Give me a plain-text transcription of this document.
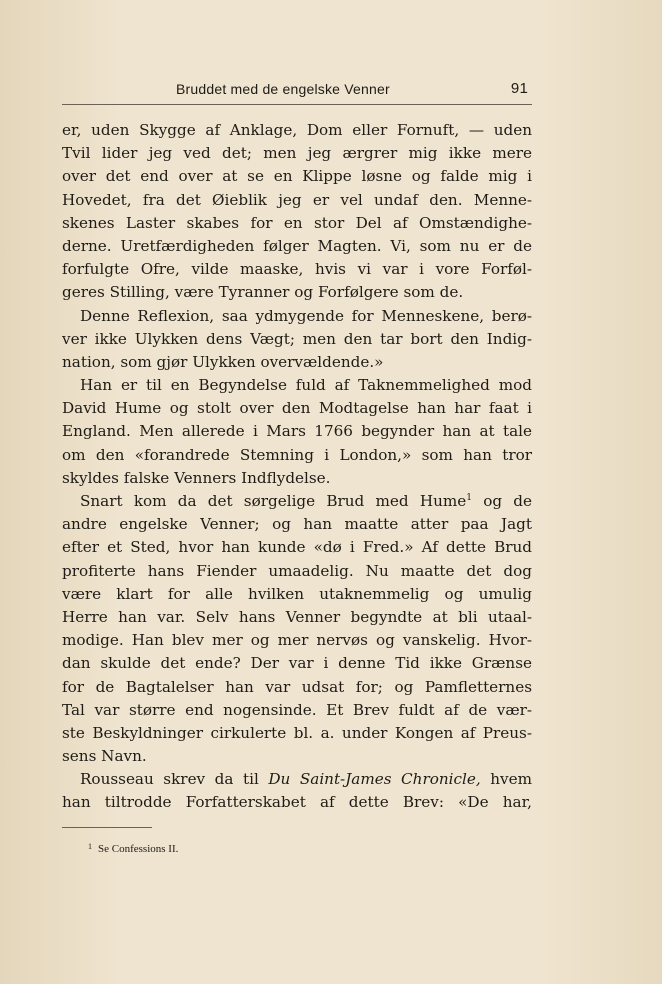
Bruddet med de engelske Venner	91
er, uden Skygge af Anklage, Dom eller Fornuft, — uden
Tvil lider jeg ved det; men jeg ærgrer mig ikke mere
over det end over at se en Klippe løsne og falde mig i
Hovedet, fra det Øieblik jeg er vel undaf den. Menne-
skenes Laster skabes for en stor Del af Omstændighe-
derne. Uretfærdigheden følger Magten. Vi, som nu er de
forfulgte Ofre, vilde maaske, hvis vi var i vore Forføl-
geres Stilling, være Tyranner og Forfølgere som de.
Denne Reflexion, saa ydmygende for Menneskene, berø-
ver ikke Ulykken dens Vægt; men den tar bort den Indig-
nation, som gjør Ulykken overvældende.»
Han er til en Begyndelse fuld af Taknemmelighed mod
David Hume og stolt over den Modtagelse han har faat i
England. Men allerede i Mars 1766 begynder han at tale
om den «forandrede Stemning i London,» som han tror
skyldes falske Venners Indflydelse.
Snart kom da det sørgelige Brud med Hume$^1$ og de
andre engelske Venner; og han maatte atter paa Jagt
efter et Sted, hvor han kunde «dø i Fred.» Af dette Brud
profiterte hans Fiender umaadelig. Nu maatte det dog
være klart for alle hvilken utaknemmelig og umulig
Herre han var. Selv hans Venner begyndte at bli utaal-
modige. Han blev mer og mer nervøs og vanskelig. Hvor-
dan skulde det ende? Der var i denne Tid ikke Grænse
for de Bagtalelser han var udsat for; og Pamfletternes
Tal var større end nogensinde. Et Brev fuldt af de vær-
ste Beskyldninger cirkulerte bl. a. under Kongen af Preus-
sens Navn.
Rousseau skrev da til Du Saint-James Chronicle, hvem
han tiltrodde Forfatterskabet af dette Brev: «De har,
$^1$ Se Confessions II.
